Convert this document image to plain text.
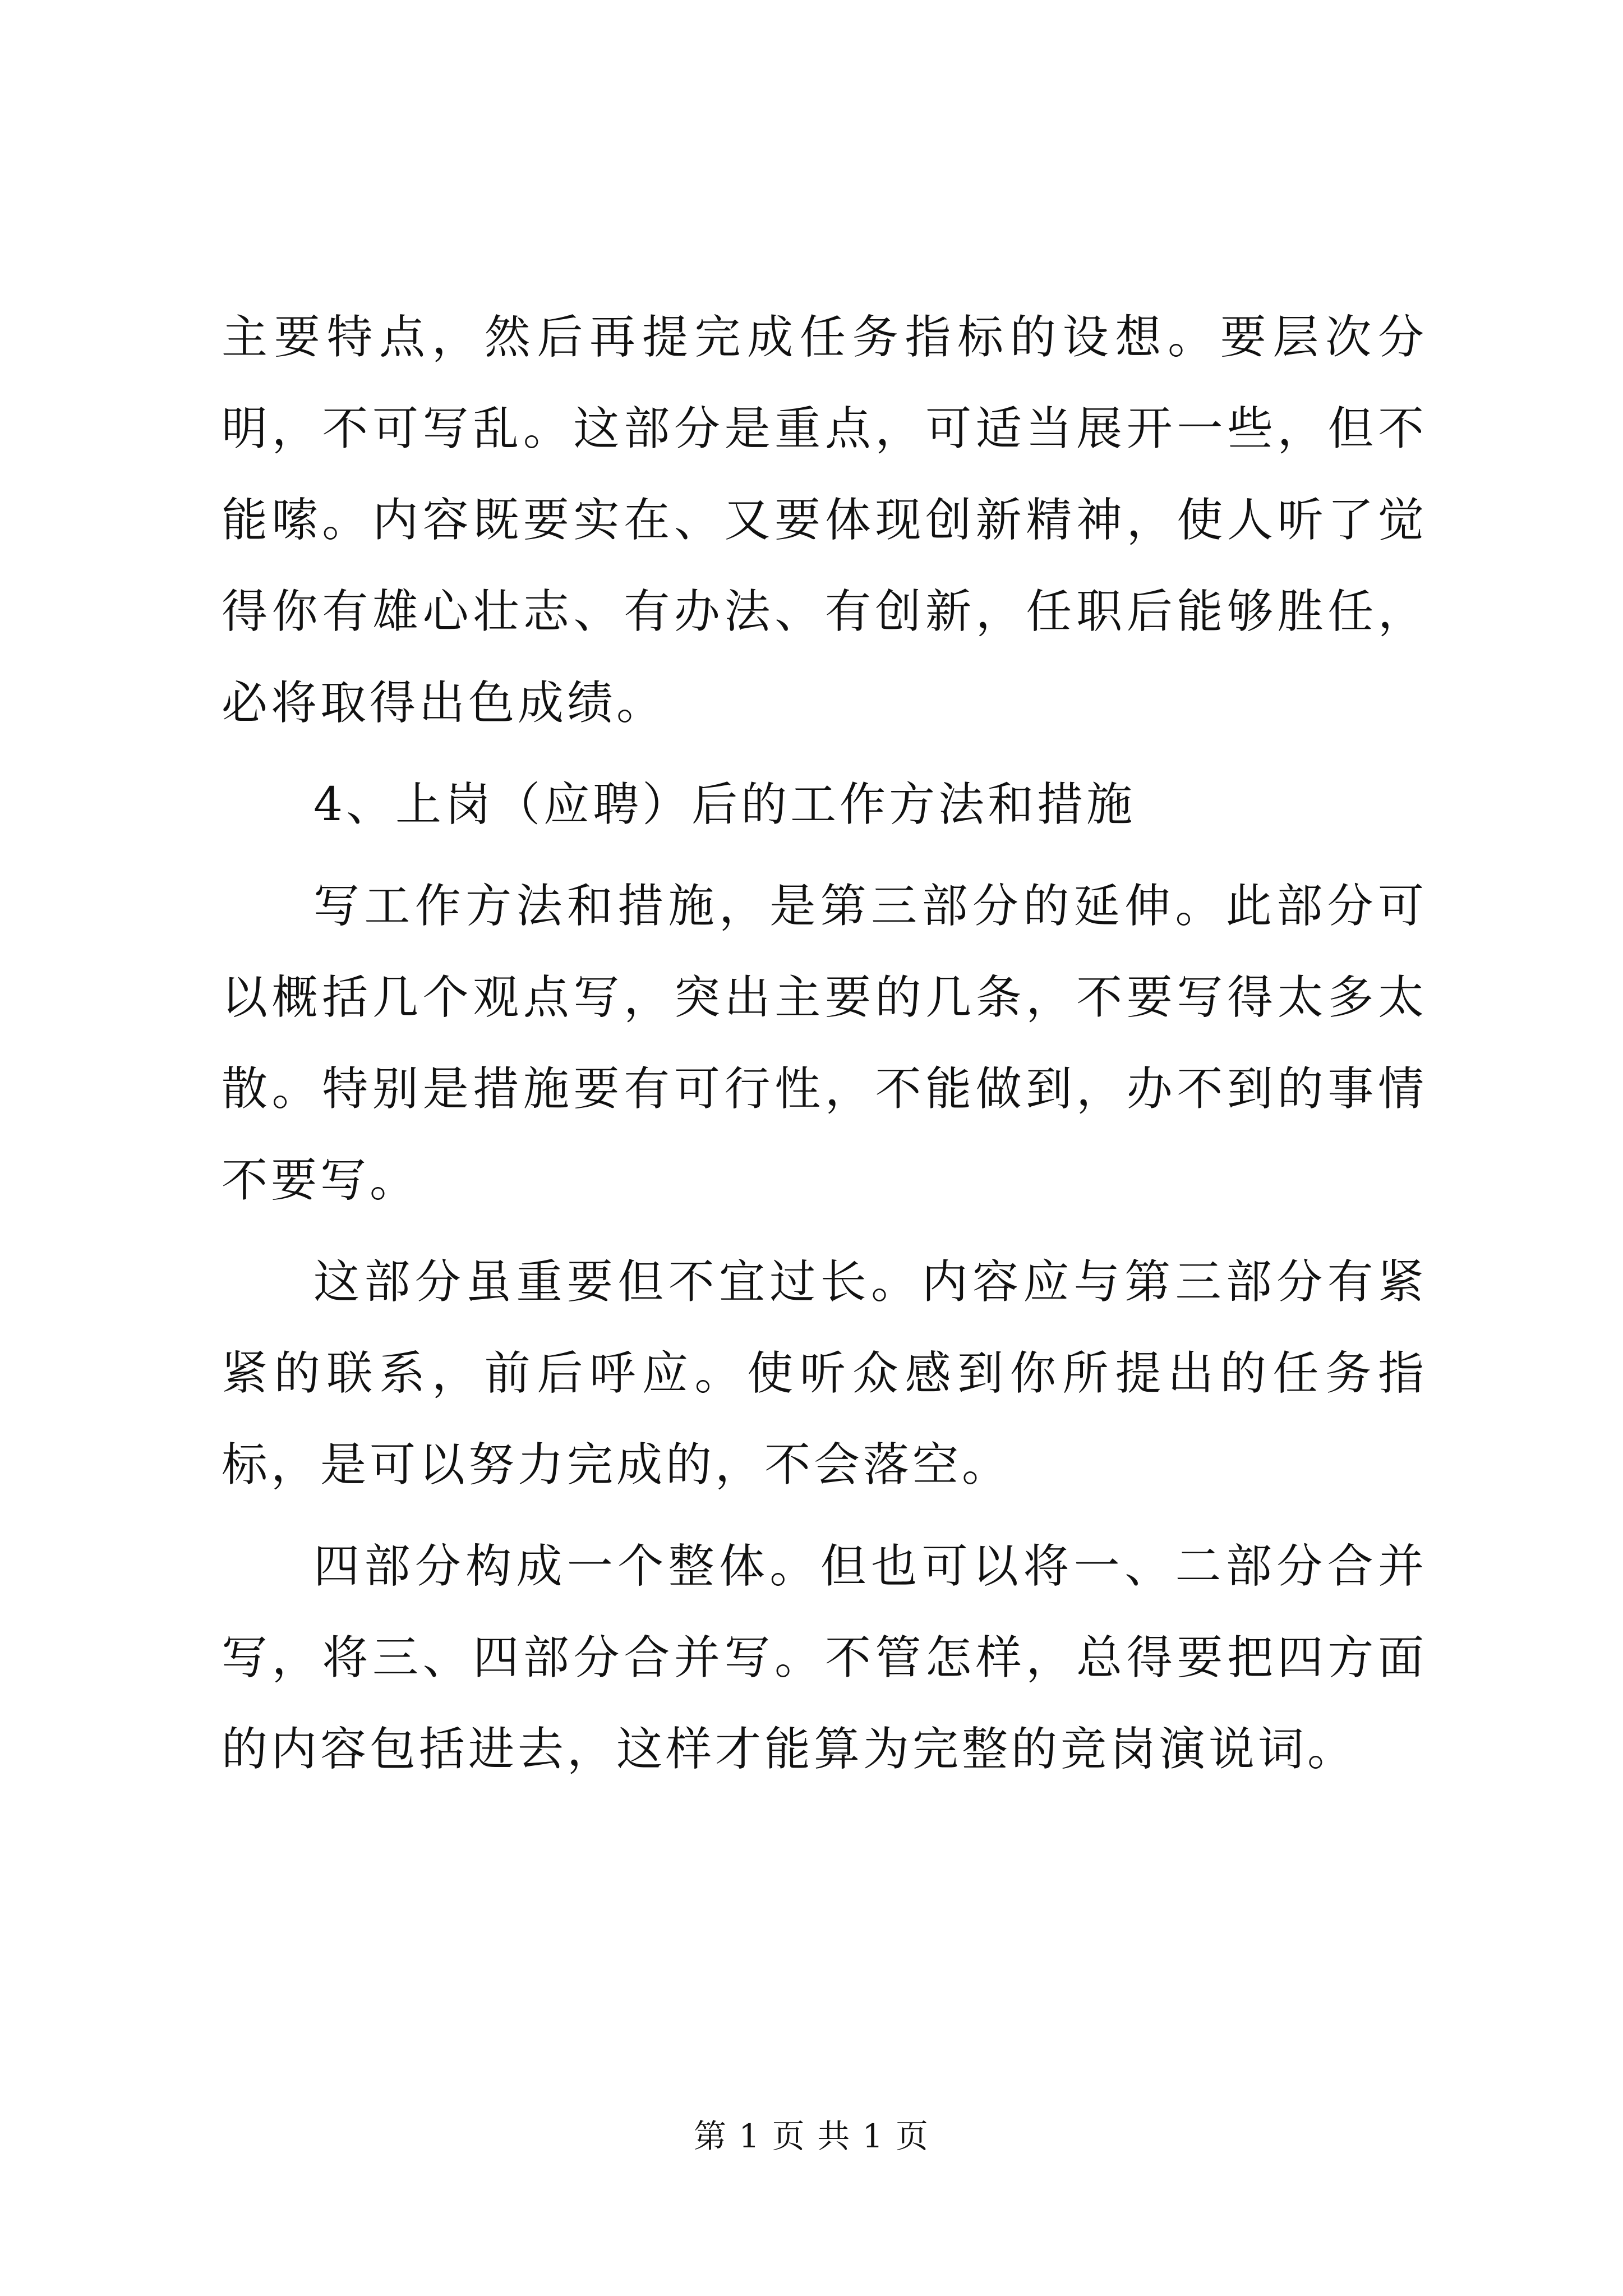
主要特点，然后再提完成任务指标的设想。要层次分明，不可写乱。这部分是重点，可适当展开一些，但不能嗦。内容既要实在、又要体现创新精神，使人听了觉得你有雄心壮志、有办法、有创新，任职后能够胜任，必将取得出色成绩。

4、上岗（应聘）后的工作方法和措施

写工作方法和措施，是第三部分的延伸。此部分可以概括几个观点写，突出主要的几条，不要写得太多太散。特别是措施要有可行性，不能做到，办不到的事情不要写。

这部分虽重要但不宜过长。内容应与第三部分有紧紧的联系，前后呼应。使听众感到你所提出的任务指标，是可以努力完成的，不会落空。

四部分构成一个整体。但也可以将一、二部分合并写，将三、四部分合并写。不管怎样，总得要把四方面的内容包括进去，这样才能算为完整的竞岗演说词。

第 1 页 共 1 页
